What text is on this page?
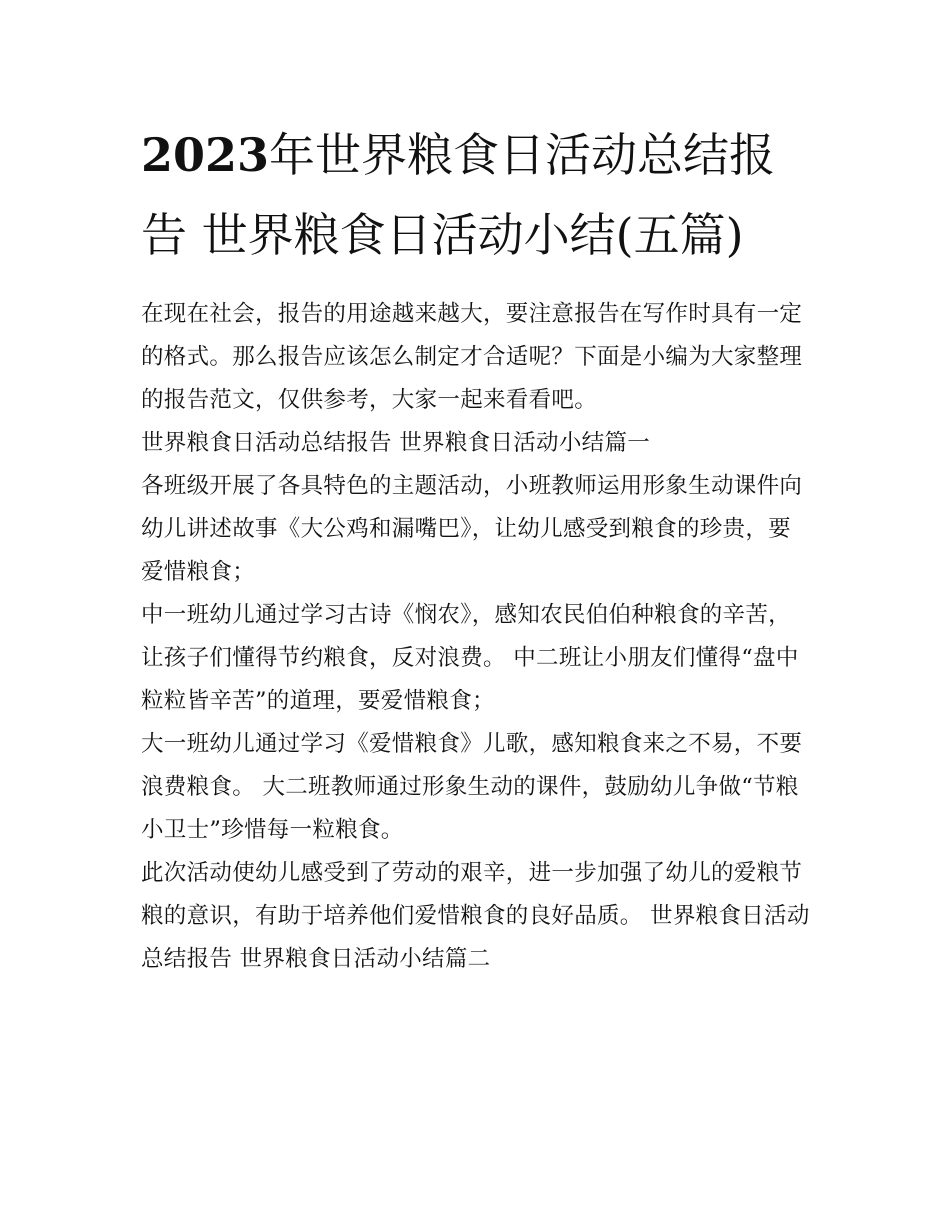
2023年世界粮食日活动总结报告 世界粮食日活动小结(五篇)

在现在社会，报告的用途越来越大，要注意报告在写作时具有一定的格式。那么报告应该怎么制定才合适呢？下面是小编为大家整理的报告范文，仅供参考，大家一起来看看吧。

世界粮食日活动总结报告 世界粮食日活动小结篇一

各班级开展了各具特色的主题活动，小班教师运用形象生动课件向幼儿讲述故事《大公鸡和漏嘴巴》，让幼儿感受到粮食的珍贵，要爱惜粮食；

中一班幼儿通过学习古诗《悯农》，感知农民伯伯种粮食的辛苦，让孩子们懂得节约粮食，反对浪费。 中二班让小朋友们懂得“盘中粒粒皆辛苦”的道理，要爱惜粮食；

大一班幼儿通过学习《爱惜粮食》儿歌，感知粮食来之不易，不要浪费粮食。 大二班教师通过形象生动的课件，鼓励幼儿争做“节粮小卫士”珍惜每一粒粮食。

此次活动使幼儿感受到了劳动的艰辛，进一步加强了幼儿的爱粮节粮的意识，有助于培养他们爱惜粮食的良好品质。 世界粮食日活动总结报告 世界粮食日活动小结篇二
